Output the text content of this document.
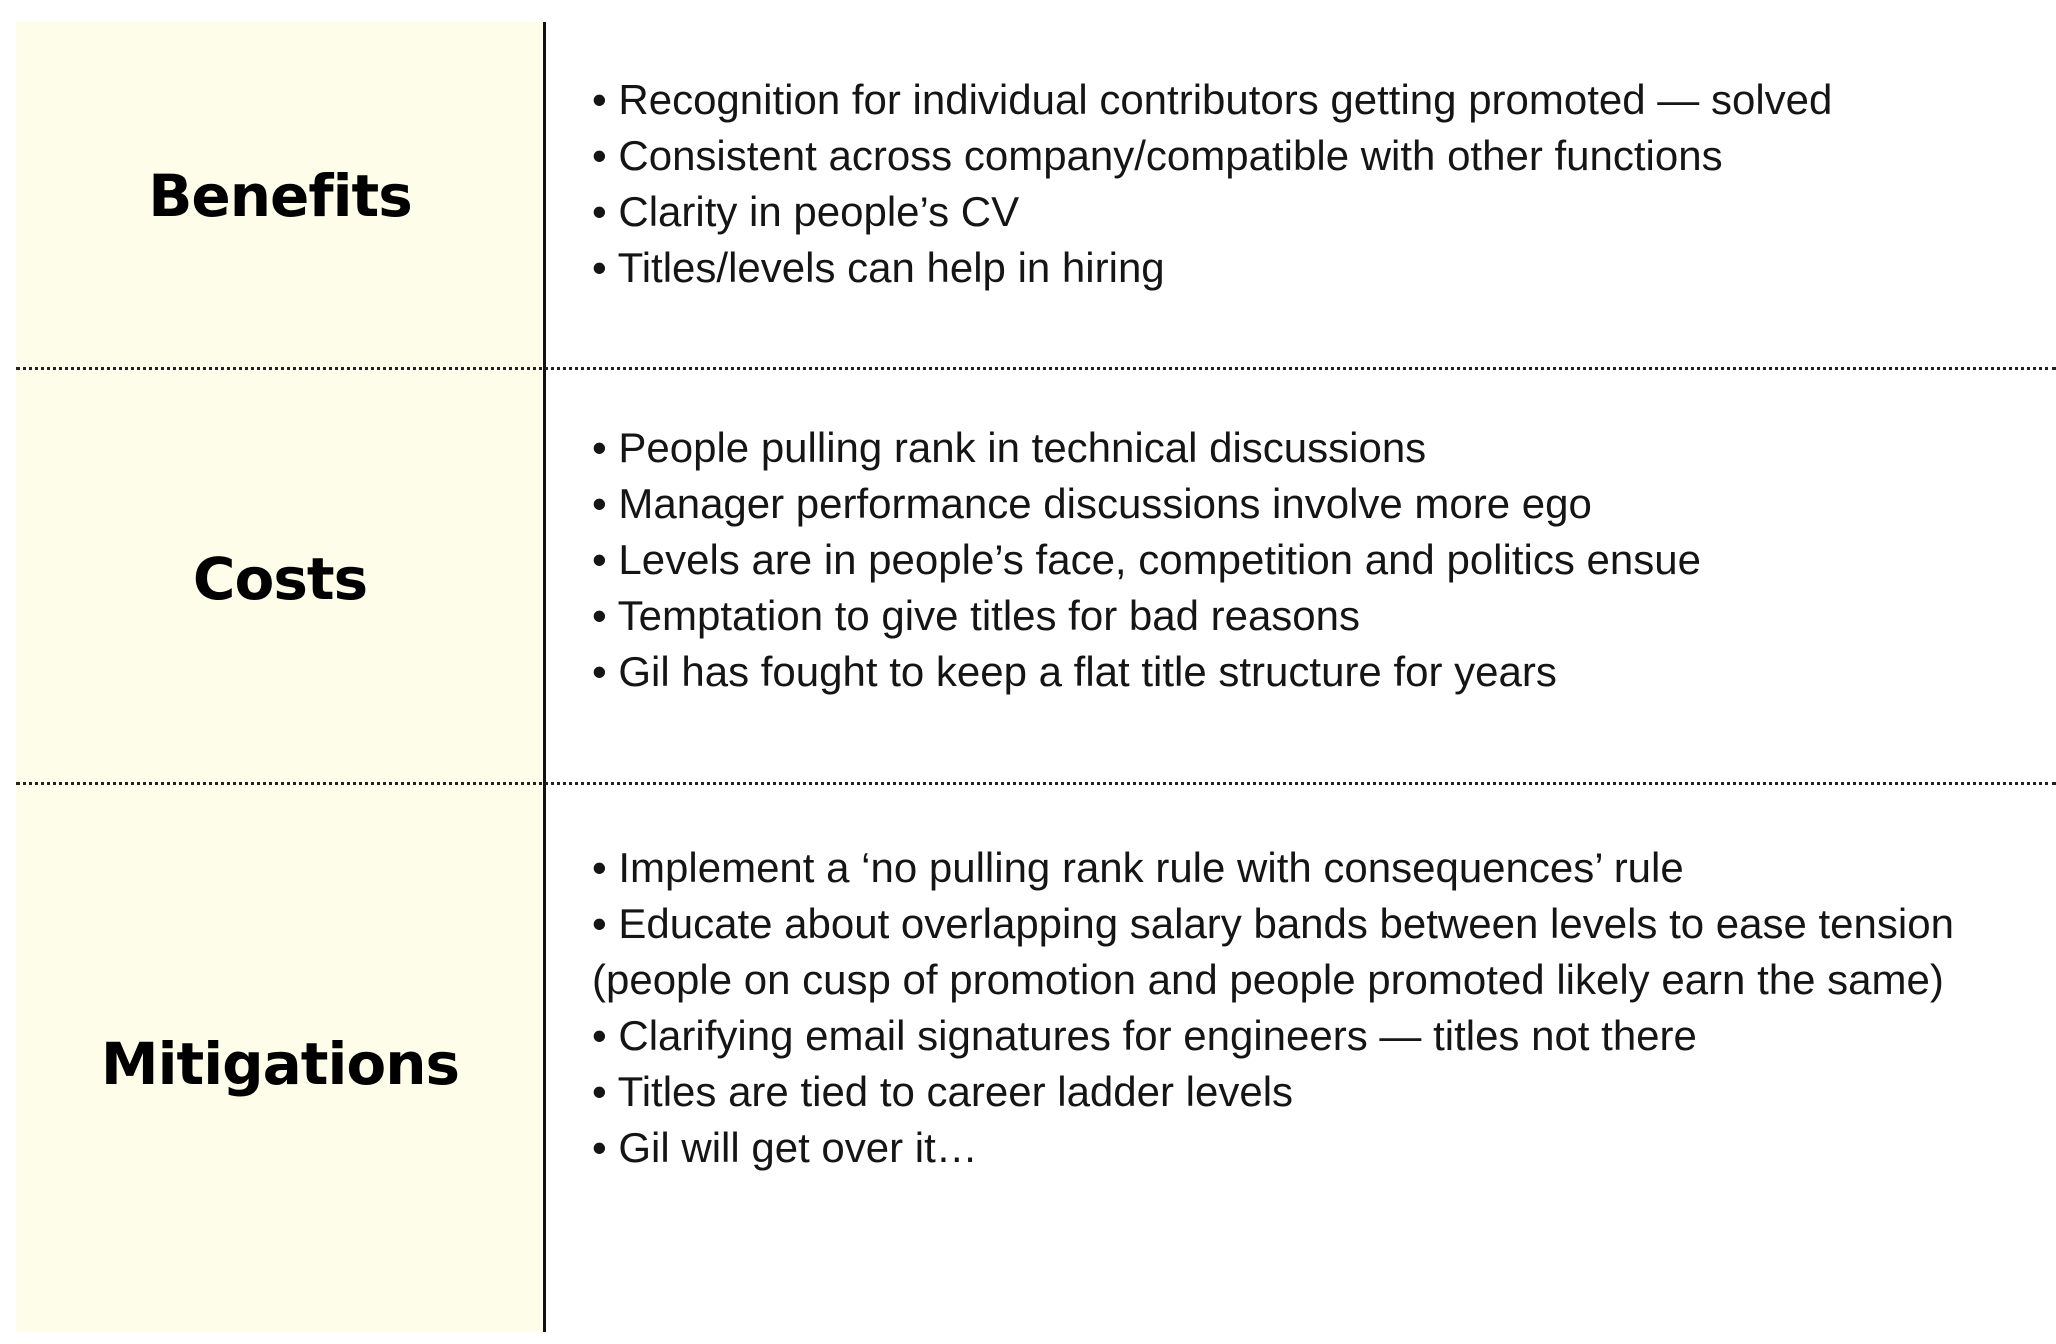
Benefits
• Recognition for individual contributors getting promoted — solved
• Consistent across company/compatible with other functions
• Clarity in people’s CV
• Titles/levels can help in hiring
Costs
• People pulling rank in technical discussions
• Manager performance discussions involve more ego
• Levels are in people’s face, competition and politics ensue
• Temptation to give titles for bad reasons
• Gil has fought to keep a flat title structure for years
Mitigations
• Implement a ‘no pulling rank rule with consequences’ rule
• Educate about overlapping salary bands between levels to ease tension
(people on cusp of promotion and people promoted likely earn the same)
• Clarifying email signatures for engineers — titles not there
• Titles are tied to career ladder levels
• Gil will get over it…
